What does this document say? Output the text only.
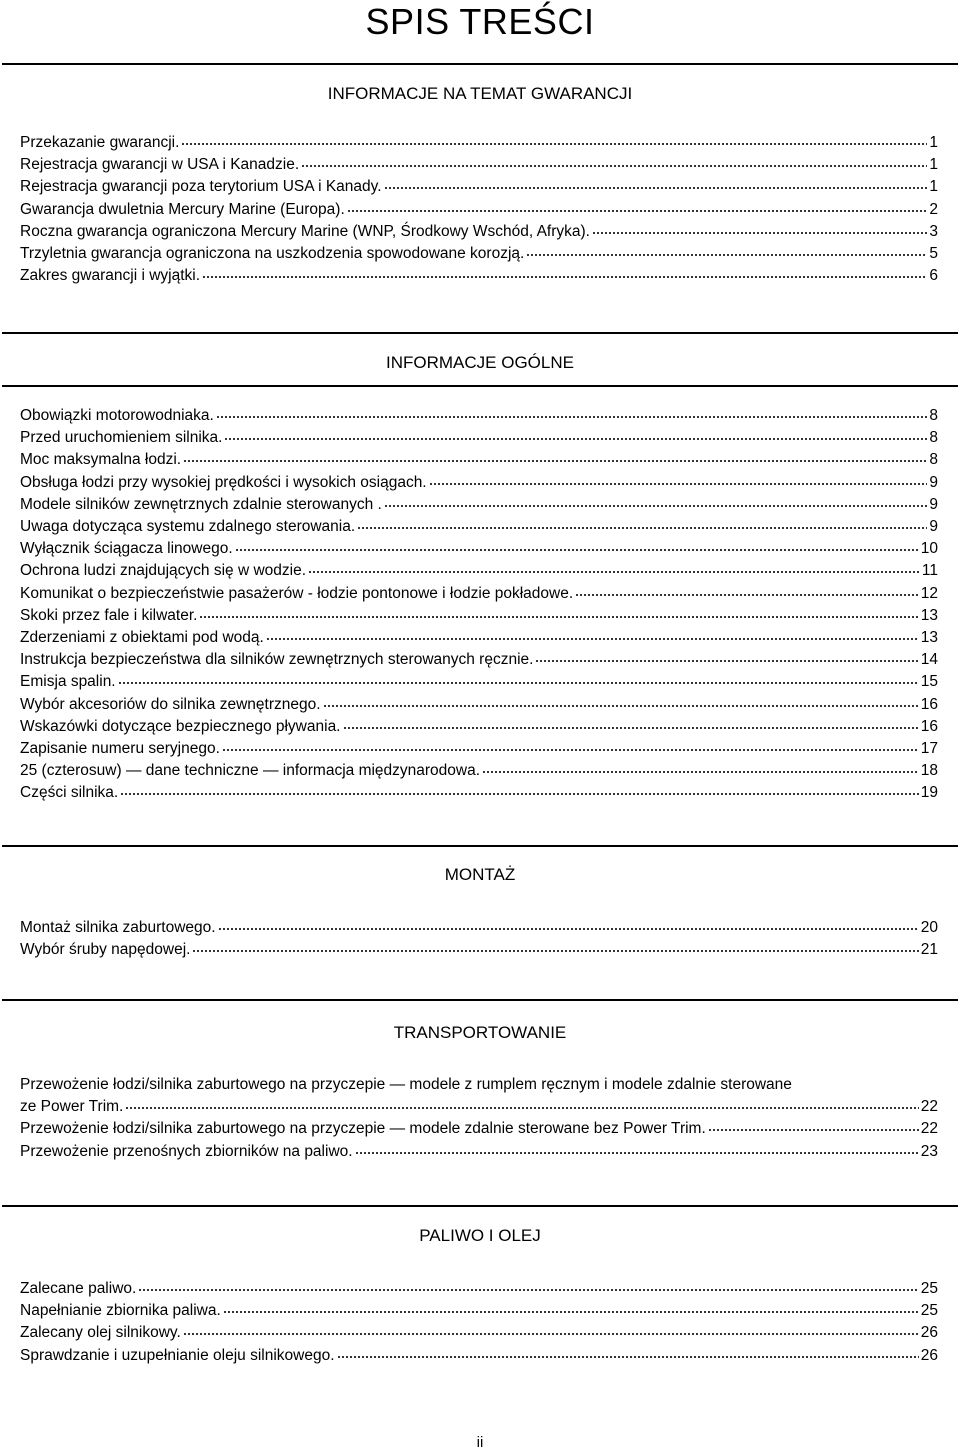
SPIS TREŚCI
INFORMACJE NA TEMAT GWARANCJI
Przekazanie gwarancji.	1
Rejestracja gwarancji w USA i Kanadzie.	1
Rejestracja gwarancji poza terytorium USA i Kanady.	1
Gwarancja dwuletnia Mercury Marine (Europa).	2
Roczna gwarancja ograniczona Mercury Marine (WNP, Środkowy Wschód, Afryka).	3
Trzyletnia gwarancja ograniczona na uszkodzenia spowodowane korozją.	5
Zakres gwarancji i wyjątki.	6
INFORMACJE OGÓLNE
Obowiązki motorowodniaka.	8
Przed uruchomieniem silnika.	8
Moc maksymalna łodzi.	8
Obsługa łodzi przy wysokiej prędkości i wysokich osiągach.	9
Modele silników zewnętrznych zdalnie sterowanych .	9
Uwaga dotycząca systemu zdalnego sterowania.	9
Wyłącznik ściągacza linowego.	10
Ochrona ludzi znajdujących się w wodzie.	11
Komunikat o bezpieczeństwie pasażerów - łodzie pontonowe i łodzie pokładowe.	12
Skoki przez fale i kilwater.	13
Zderzeniami z obiektami pod wodą.	13
Instrukcja bezpieczeństwa dla silników zewnętrznych sterowanych ręcznie.	14
Emisja spalin.	15
Wybór akcesoriów do silnika zewnętrznego.	16
Wskazówki dotyczące bezpiecznego pływania.	16
Zapisanie numeru seryjnego.	17
25 (czterosuw) — dane techniczne — informacja międzynarodowa.	18
Części silnika.	19
MONTAŻ
Montaż silnika zaburtowego.	20
Wybór śruby napędowej.	21
TRANSPORTOWANIE
Przewożenie łodzi/silnika zaburtowego na przyczepie — modele z rumplem ręcznym i modele zdalnie sterowane
ze Power Trim.	22
Przewożenie łodzi/silnika zaburtowego na przyczepie — modele zdalnie sterowane bez Power Trim.	22
Przewożenie przenośnych zbiorników na paliwo.	23
PALIWO I OLEJ
Zalecane paliwo.	25
Napełnianie zbiornika paliwa.	25
Zalecany olej silnikowy.	26
Sprawdzanie i uzupełnianie oleju silnikowego.	26
ii
